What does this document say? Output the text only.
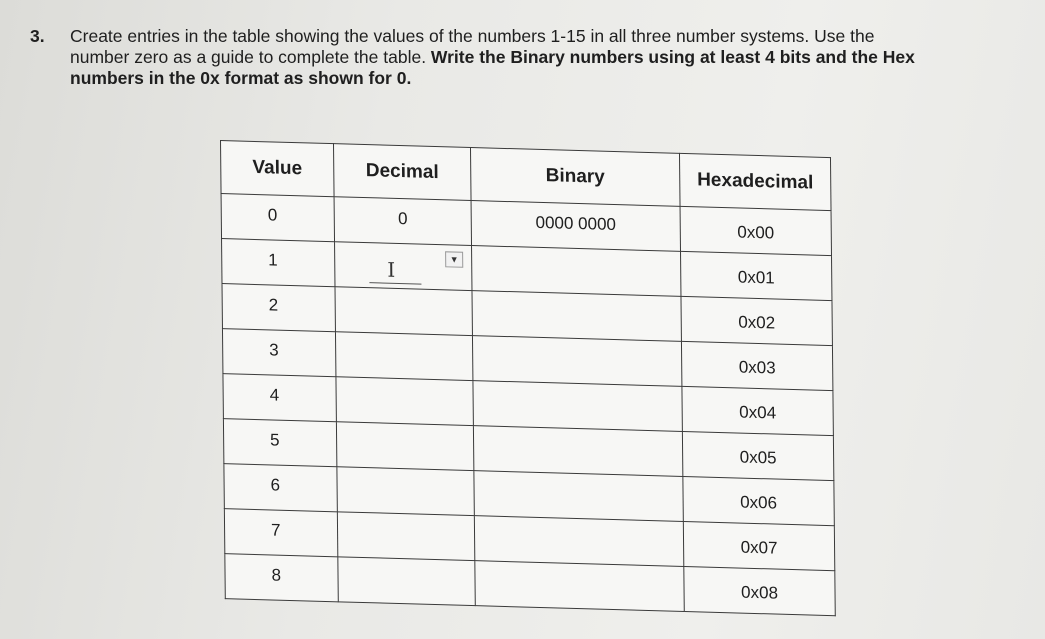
3. Create entries in the table showing the values of the numbers 1-15 in all three number systems. Use the
number zero as a guide to complete the table. Write the Binary numbers using at least 4 bits and the Hex
numbers in the 0x format as shown for 0.
Value	Decimal	Binary	Hexadecimal

0	0	0000 0000	0x00

1	I ▼		0x01

2			0x02

3			0x03

4			0x04

5			0x05

6			0x06

7			0x07

8			0x08
